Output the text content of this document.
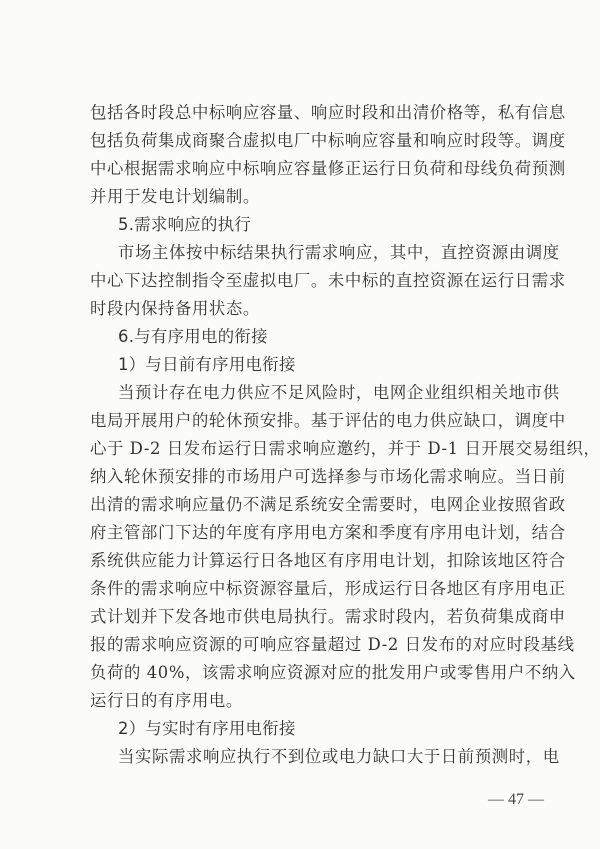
包括各时段总中标响应容量、响应时段和出清价格等，私有信息
包括负荷集成商聚合虚拟电厂中标响应容量和响应时段等。调度
中心根据需求响应中标响应容量修正运行日负荷和母线负荷预测
并用于发电计划编制。
5.需求响应的执行
市场主体按中标结果执行需求响应，其中，直控资源由调度
中心下达控制指令至虚拟电厂。未中标的直控资源在运行日需求
时段内保持备用状态。
6.与有序用电的衔接
1）与日前有序用电衔接
当预计存在电力供应不足风险时，电网企业组织相关地市供
电局开展用户的轮休预安排。基于评估的电力供应缺口，调度中
心于 D-2 日发布运行日需求响应邀约，并于 D-1 日开展交易组织，
纳入轮休预安排的市场用户可选择参与市场化需求响应。当日前
出清的需求响应量仍不满足系统安全需要时，电网企业按照省政
府主管部门下达的年度有序用电方案和季度有序用电计划，结合
系统供应能力计算运行日各地区有序用电计划，扣除该地区符合
条件的需求响应中标资源容量后，形成运行日各地区有序用电正
式计划并下发各地市供电局执行。需求时段内，若负荷集成商申
报的需求响应资源的可响应容量超过 D-2 日发布的对应时段基线
负荷的 40%，该需求响应资源对应的批发用户或零售用户不纳入
运行日的有序用电。
2）与实时有序用电衔接
当实际需求响应执行不到位或电力缺口大于日前预测时，电
— 47 —
